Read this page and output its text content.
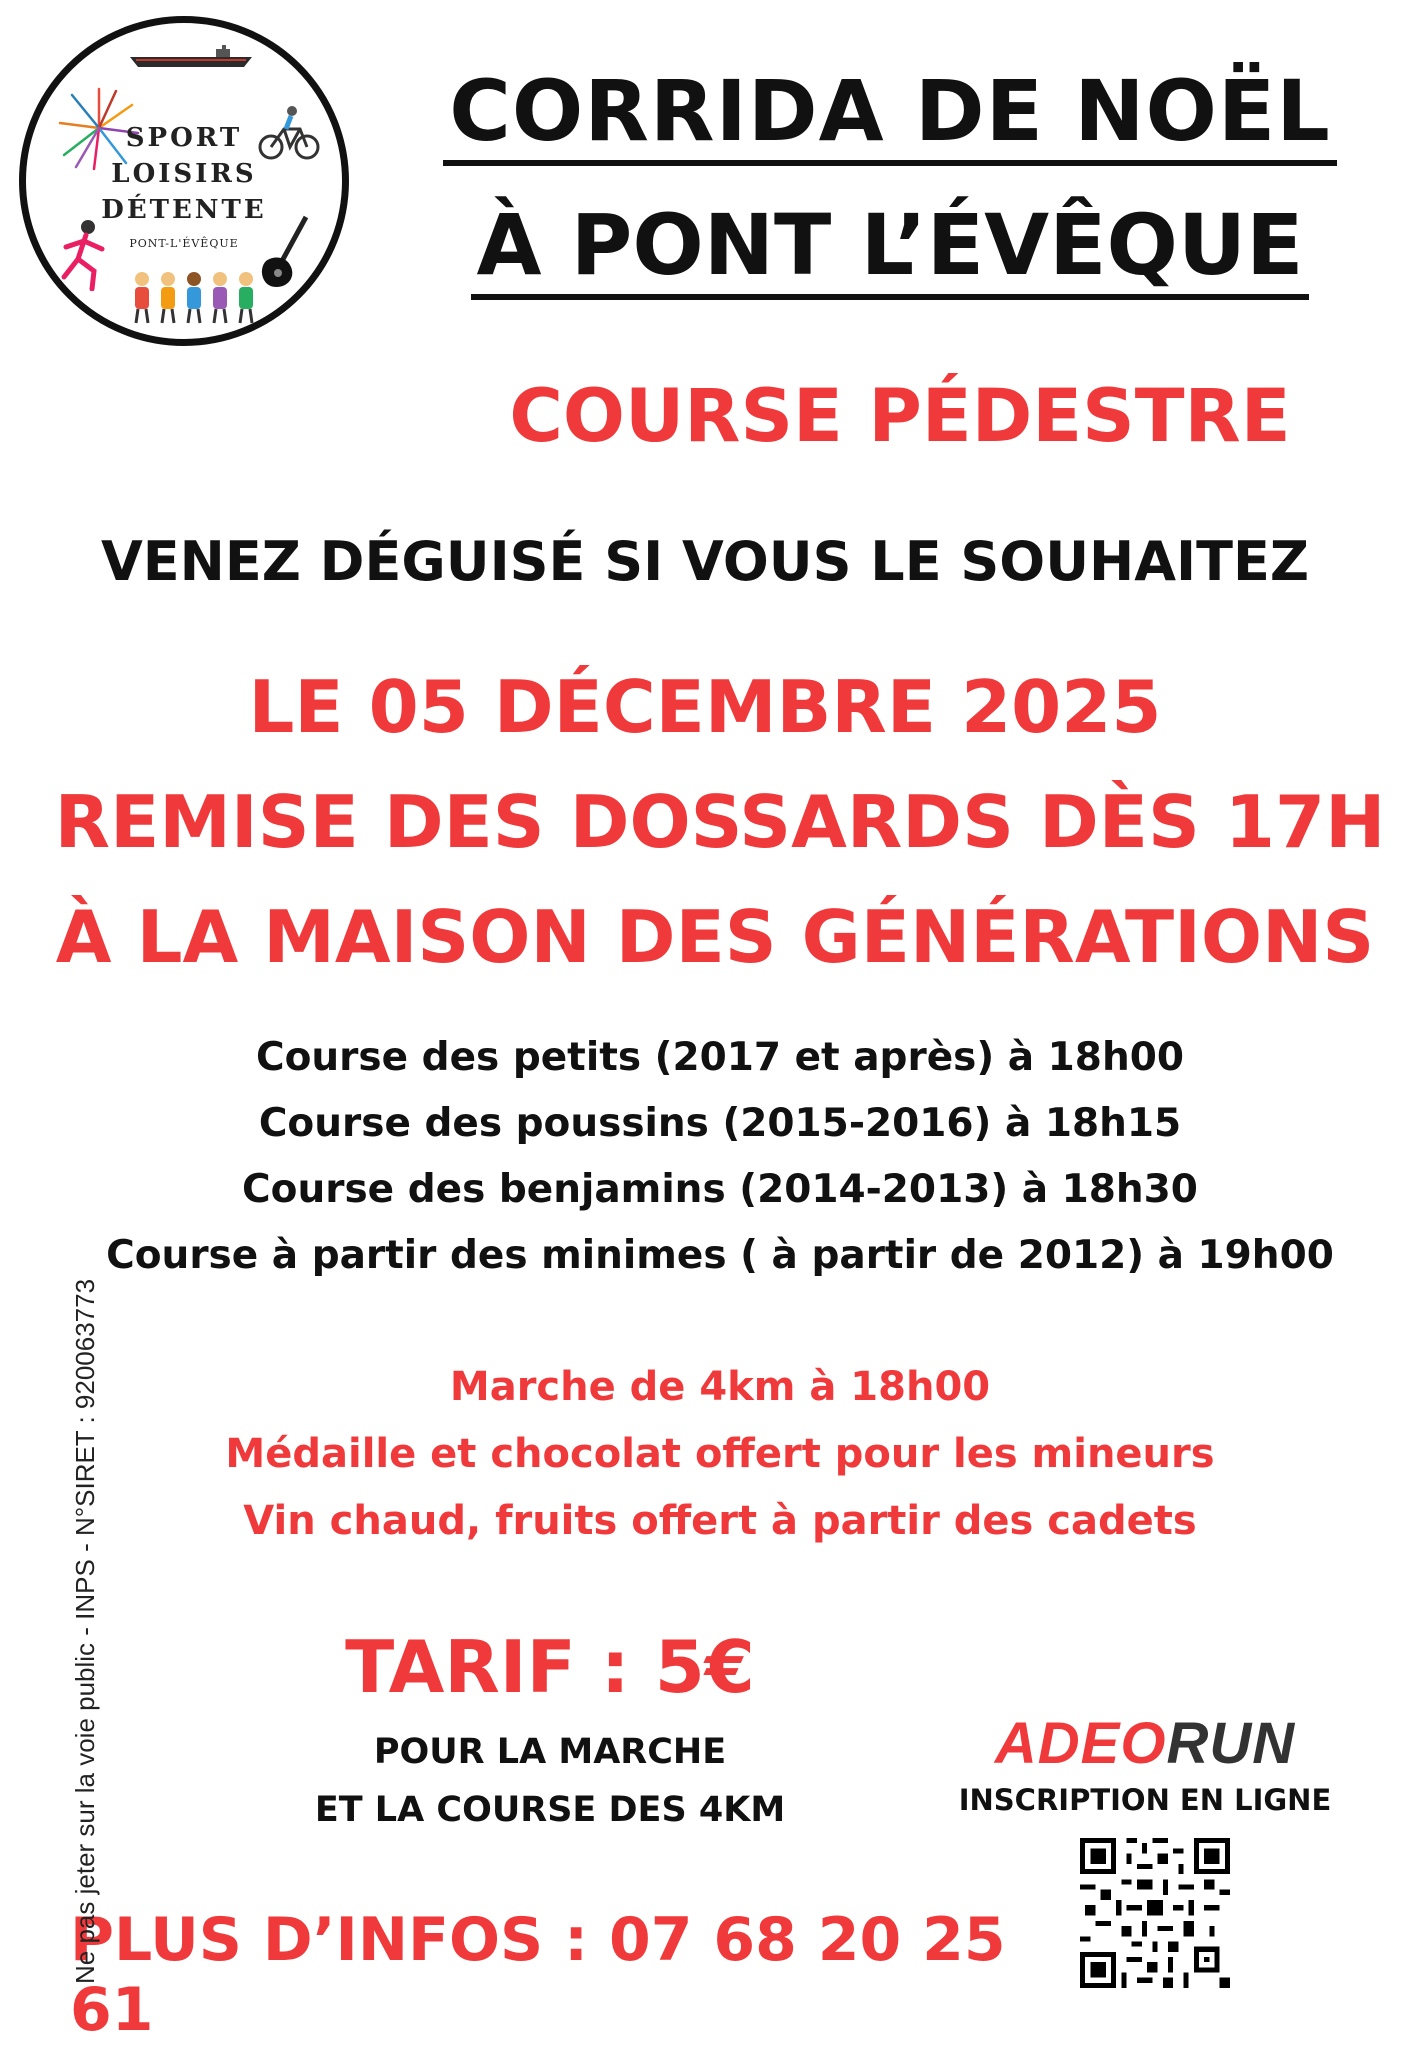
SPORT
LOISIRS
DÉTENTE
PONT-L'ÉVÊQUE
CORRIDA DE NOËL
À PONT L’ÉVÊQUE
COURSE PÉDESTRE
VENEZ DÉGUISÉ SI VOUS LE SOUHAITEZ
LE 05 DÉCEMBRE 2025
REMISE DES DOSSARDS DÈS 17H
À LA MAISON DES GÉNÉRATIONS
Course des petits (2017 et après) à 18h00
Course des poussins (2015-2016) à 18h15
Course des benjamins (2014-2013) à 18h30
Course à partir des minimes ( à partir de 2012) à 19h00
Marche de 4km à 18h00
Médaille et chocolat offert pour les mineurs
Vin chaud, fruits offert à partir des cadets
TARIF : 5€
POUR LA MARCHE
ET LA COURSE DES 4KM
PLUS D’INFOS : 07 68 20 25 61
Ne pas jeter sur la voie public - INPS - N°SIRET : 920063773	ADEORUN
INSCRIPTION EN LIGNE
